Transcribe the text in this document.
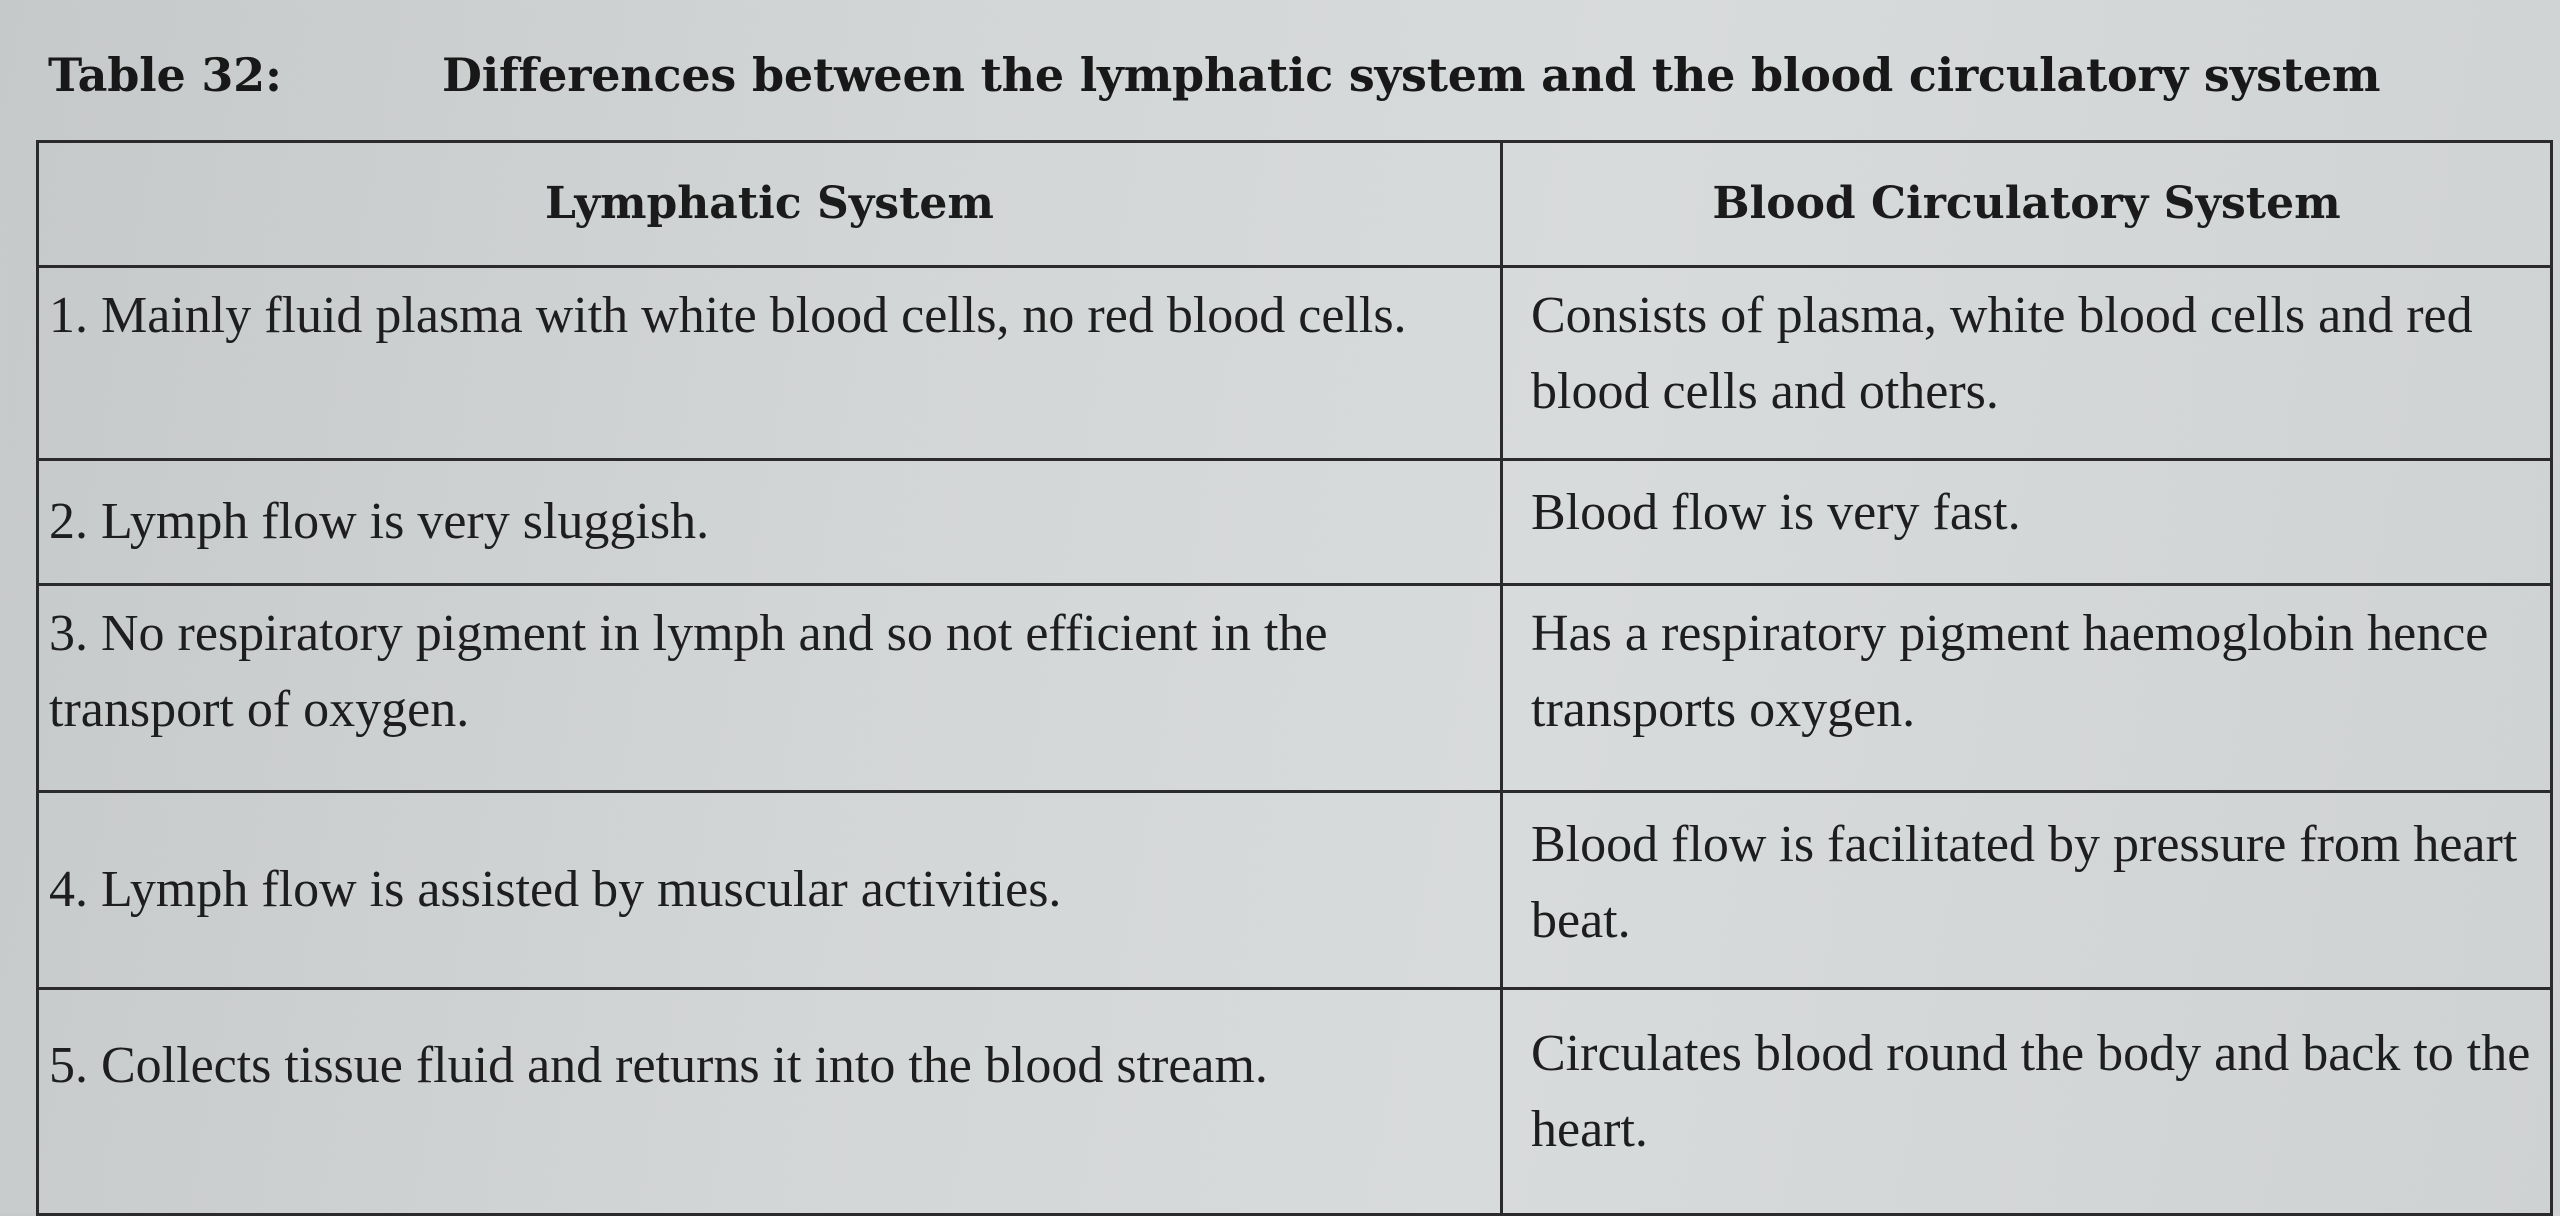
Table 32:	Differences between the lymphatic system and the blood circulatory system
Lymphatic System	Blood Circulatory System
1. Mainly fluid plasma with white blood cells, no red blood cells.	Consists of plasma, white blood cells and red blood cells and others.
2. Lymph flow is very sluggish.	Blood flow is very fast.
3. No respiratory pigment in lymph and so not efficient in the transport of oxygen.	Has a respiratory pigment haemoglobin hence transports oxygen.
4. Lymph flow is assisted by muscular activities.	Blood flow is facilitated by pressure from heart beat.
5. Collects tissue fluid and returns it into the blood stream.	Circulates blood round the body and back to the heart.
